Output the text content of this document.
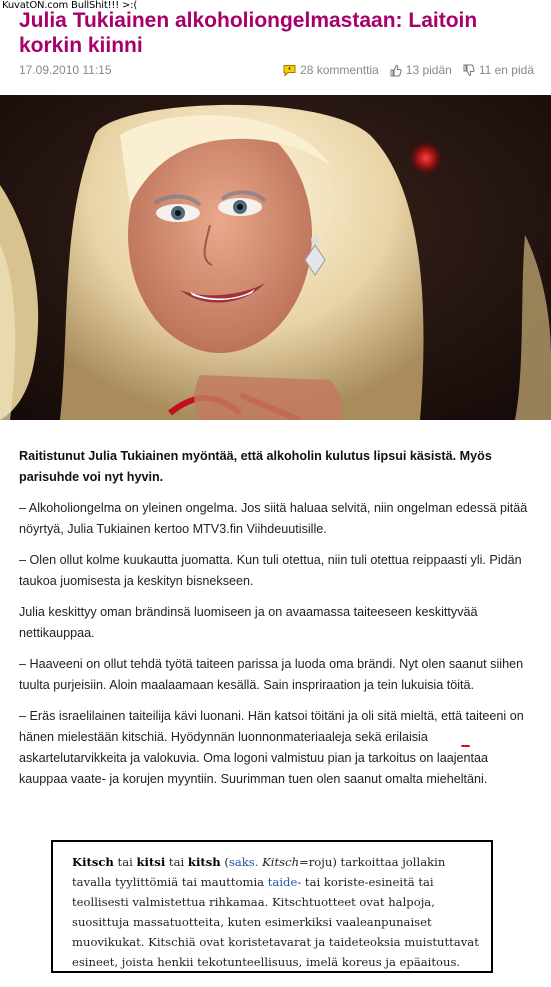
KuvatON.com BullShit!!! >:(
Julia Tukiainen alkoholiongelmastaan: Laitoin korkin kiinni
17.09.2010 11:15	28 kommenttia 13 pidän 11 en pidä

Raitistunut Julia Tukiainen myöntää, että alkoholin kulutus lipsui käsistä. Myös parisuhde voi nyt hyvin.

– Alkoholiongelma on yleinen ongelma. Jos siitä haluaa selvitä, niin ongelman edessä pitää nöyrtyä, Julia Tukiainen kertoo MTV3.fin Viihdeuutisille.

– Olen ollut kolme kuukautta juomatta. Kun tuli otettua, niin tuli otettua reippaasti yli. Pidän taukoa juomisesta ja keskityn bisnekseen.

Julia keskittyy oman brändinsä luomiseen ja on avaamassa taiteeseen keskittyvää nettikauppaa.

– Haaveeni on ollut tehdä työtä taiteen parissa ja luoda oma brändi. Nyt olen saanut siihen tuulta purjeisiin. Aloin maalaamaan kesällä. Sain inspriraation ja tein lukuisia töitä.

– Eräs israelilainen taiteilija kävi luonani. Hän katsoi töitäni ja oli sitä mieltä, että taiteeni on hänen mielestään kitschiä.
Hyödynnän luonnonmateriaaleja sekä erilaisia askartelutarvikkeita ja valokuvia. Oma logoni valmistuu pian ja tarkoitus on laajentaa kauppaa vaate- ja korujen myyntiin. Suurimman tuen olen saanut omalta mieheltäni.

Kitsch tai kitsi tai kitsh (saks. Kitsch=roju) tarkoittaa jollakin tavalla tyylittömiä tai mauttomia taide- tai koriste-esineitä tai teollisesti valmistettua rihkamaa. Kitschtuotteet ovat halpoja, suosittuja massatuotteita, kuten esimerkiksi vaaleanpunaiset muovikukat. Kitschiä ovat koristetavarat ja taideteoksia muistuttavat esineet, joista henkii tekotunteellisuus, imelä koreus ja epäaitous.
